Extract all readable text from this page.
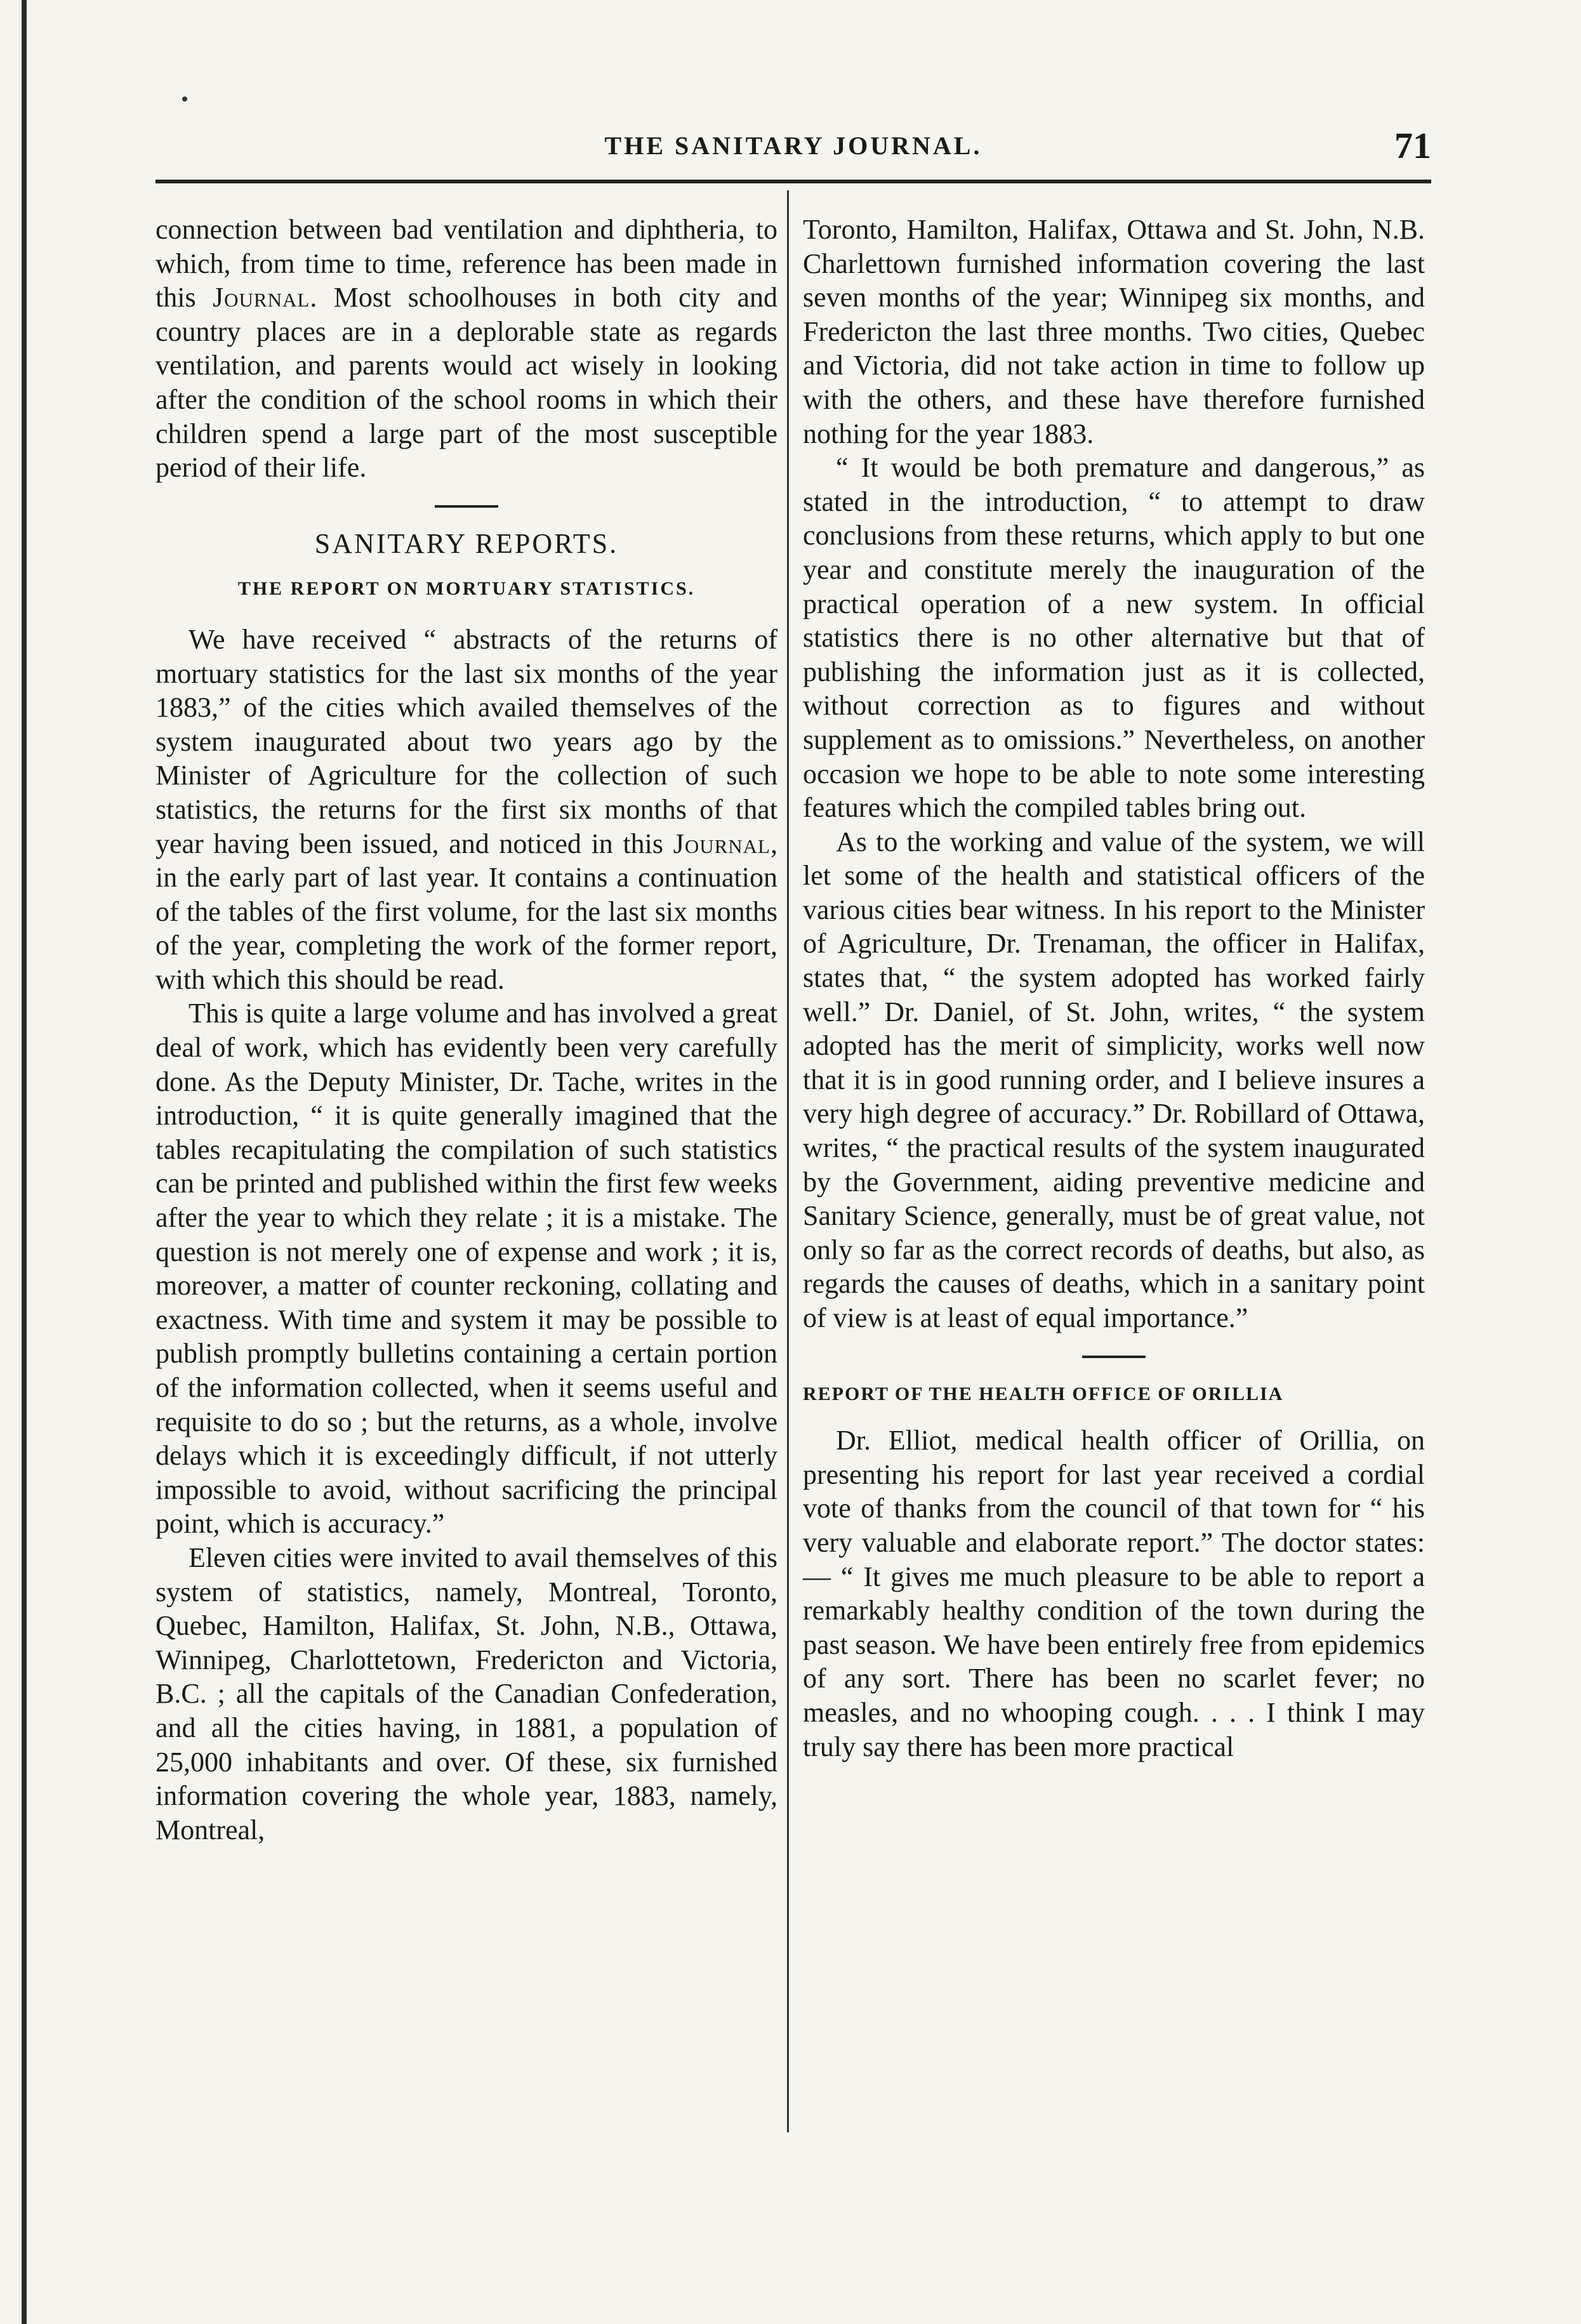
THE SANITARY JOURNAL.	71

connection between bad ventilation and diphtheria, to which, from time to time, reference has been made in this Journal. Most schoolhouses in both city and country places are in a deplorable state as regards ventilation, and parents would act wisely in looking after the condition of the school rooms in which their children spend a large part of the most susceptible period of their life.

SANITARY REPORTS.
THE REPORT ON MORTUARY STATISTICS.

We have received “ abstracts of the returns of mortuary statistics for the last six months of the year 1883,” of the cities which availed themselves of the system inaugurated about two years ago by the Minister of Agriculture for the collection of such statistics, the returns for the first six months of that year having been issued, and noticed in this Journal, in the early part of last year. It contains a continuation of the tables of the first volume, for the last six months of the year, completing the work of the former report, with which this should be read.

This is quite a large volume and has involved a great deal of work, which has evidently been very carefully done. As the Deputy Minister, Dr. Tache, writes in the introduction, “ it is quite generally imagined that the tables recapitulating the compilation of such statistics can be printed and published within the first few weeks after the year to which they relate ; it is a mistake. The question is not merely one of expense and work ; it is, moreover, a matter of counter reckoning, collating and exactness. With time and system it may be possible to publish promptly bulletins containing a certain portion of the information collected, when it seems useful and requisite to do so ; but the returns, as a whole, involve delays which it is exceedingly difficult, if not utterly impossible to avoid, without sacrificing the principal point, which is accuracy.”

Eleven cities were invited to avail themselves of this system of statistics, namely, Montreal, Toronto, Quebec, Hamilton, Halifax, St. John, N.B., Ottawa, Winnipeg, Charlottetown, Fredericton and Victoria, B.C. ; all the capitals of the Canadian Confederation, and all the cities having, in 1881, a population of 25,000 inhabitants and over. Of these, six furnished information covering the whole year, 1883, namely, Montreal,

Toronto, Hamilton, Halifax, Ottawa and St. John, N.B. Charlettown furnished information covering the last seven months of the year; Winnipeg six months, and Fredericton the last three months. Two cities, Quebec and Victoria, did not take action in time to follow up with the others, and these have therefore furnished nothing for the year 1883.

“ It would be both premature and dangerous,” as stated in the introduction, “ to attempt to draw conclusions from these returns, which apply to but one year and constitute merely the inauguration of the practical operation of a new system. In official statistics there is no other alternative but that of publishing the information just as it is collected, without correction as to figures and without supplement as to omissions.” Nevertheless, on another occasion we hope to be able to note some interesting features which the compiled tables bring out.

As to the working and value of the system, we will let some of the health and statistical officers of the various cities bear witness. In his report to the Minister of Agriculture, Dr. Trenaman, the officer in Halifax, states that, “ the system adopted has worked fairly well.” Dr. Daniel, of St. John, writes, “ the system adopted has the merit of simplicity, works well now that it is in good running order, and I believe insures a very high degree of accuracy.” Dr. Robillard of Ottawa, writes, “ the practical results of the system inaugurated by the Government, aiding preventive medicine and Sanitary Science, generally, must be of great value, not only so far as the correct records of deaths, but also, as regards the causes of deaths, which in a sanitary point of view is at least of equal importance.”

REPORT OF THE HEALTH OFFICE OF ORILLIA

Dr. Elliot, medical health officer of Orillia, on presenting his report for last year received a cordial vote of thanks from the council of that town for “ his very valuable and elaborate report.” The doctor states:— “ It gives me much pleasure to be able to report a remarkably healthy condition of the town during the past season. We have been entirely free from epidemics of any sort. There has been no scarlet fever; no measles, and no whooping cough. . . . I think I may truly say there has been more practical
